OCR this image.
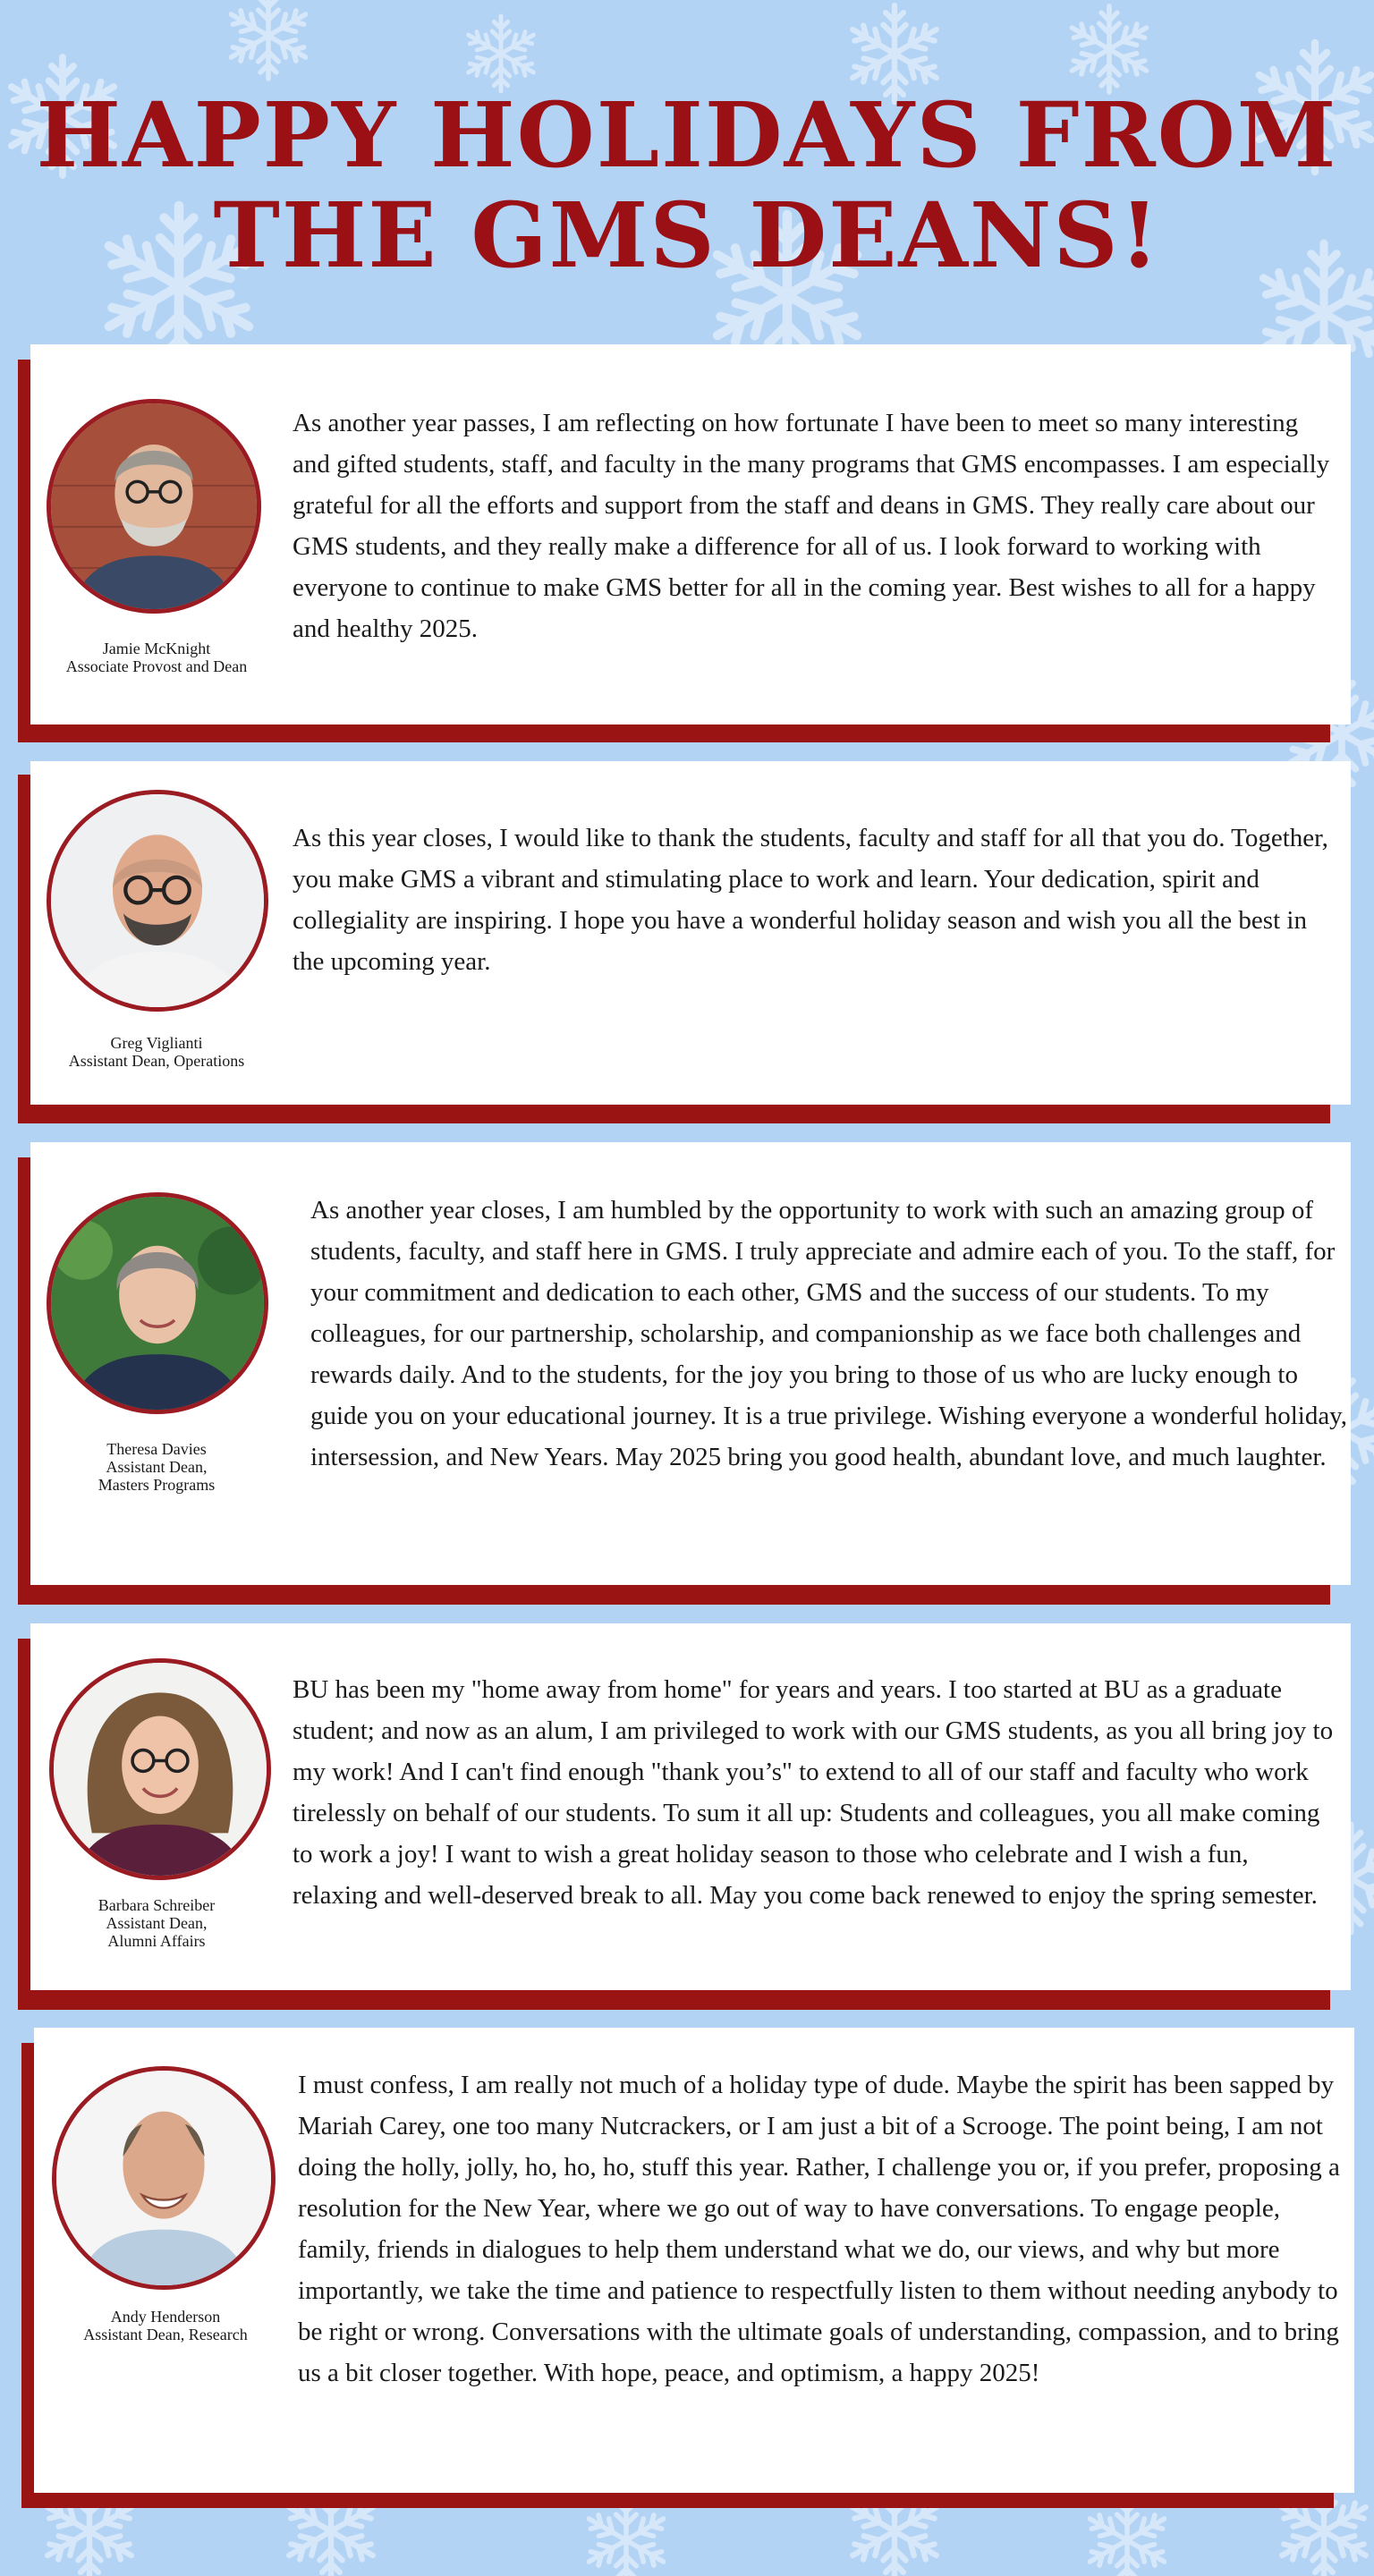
HAPPY HOLIDAYS FROM
THE GMS DEANS!
Jamie McKnight
Associate Provost and Dean

As another year passes, I am reflecting on how fortunate I have been to meet so many interesting and gifted students, staff, and faculty in the many programs that GMS encompasses. I am especially grateful for all the efforts and support from the staff and deans in GMS. They really care about our GMS students, and they really make a difference for all of us. I look forward to working with everyone to continue to make GMS better for all in the coming year. Best wishes to all for a happy and healthy 2025.

Greg Viglianti
Assistant Dean, Operations

As this year closes, I would like to thank the students, faculty and staff for all that you do. Together, you make GMS a vibrant and stimulating place to work and learn. Your dedication, spirit and collegiality are inspiring. I hope you have a wonderful holiday season and wish you all the best in the upcoming year.

Theresa Davies
Assistant Dean,
Masters Programs

As another year closes, I am humbled by the opportunity to work with such an amazing group of students, faculty, and staff here in GMS. I truly appreciate and admire each of you. To the staff, for your commitment and dedication to each other, GMS and the success of our students. To my colleagues, for our partnership, scholarship, and companionship as we face both challenges and rewards daily. And to the students, for the joy you bring to those of us who are lucky enough to guide you on your educational journey. It is a true privilege. Wishing everyone a wonderful holiday, intersession, and New Years. May 2025 bring you good health, abundant love, and much laughter.

Barbara Schreiber
Assistant Dean,
Alumni Affairs

BU has been my "home away from home" for years and years. I too started at BU as a graduate student; and now as an alum, I am privileged to work with our GMS students, as you all bring joy to my work! And I can't find enough "thank you’s" to extend to all of our staff and faculty who work tirelessly on behalf of our students. To sum it all up: Students and colleagues, you all make coming to work a joy! I want to wish a great holiday season to those who celebrate and I wish a fun, relaxing and well-deserved break to all. May you come back renewed to enjoy the spring semester.

Andy Henderson
Assistant Dean, Research

I must confess, I am really not much of a holiday type of dude. Maybe the spirit has been sapped by Mariah Carey, one too many Nutcrackers, or I am just a bit of a Scrooge. The point being, I am not doing the holly, jolly, ho, ho, ho, stuff this year. Rather, I challenge you or, if you prefer, proposing a resolution for the New Year, where we go out of way to have conversations. To engage people, family, friends in dialogues to help them understand what we do, our views, and why but more importantly, we take the time and patience to respectfully listen to them without needing anybody to be right or wrong. Conversations with the ultimate goals of understanding, compassion, and to bring us a bit closer together. With hope, peace, and optimism, a happy 2025!
